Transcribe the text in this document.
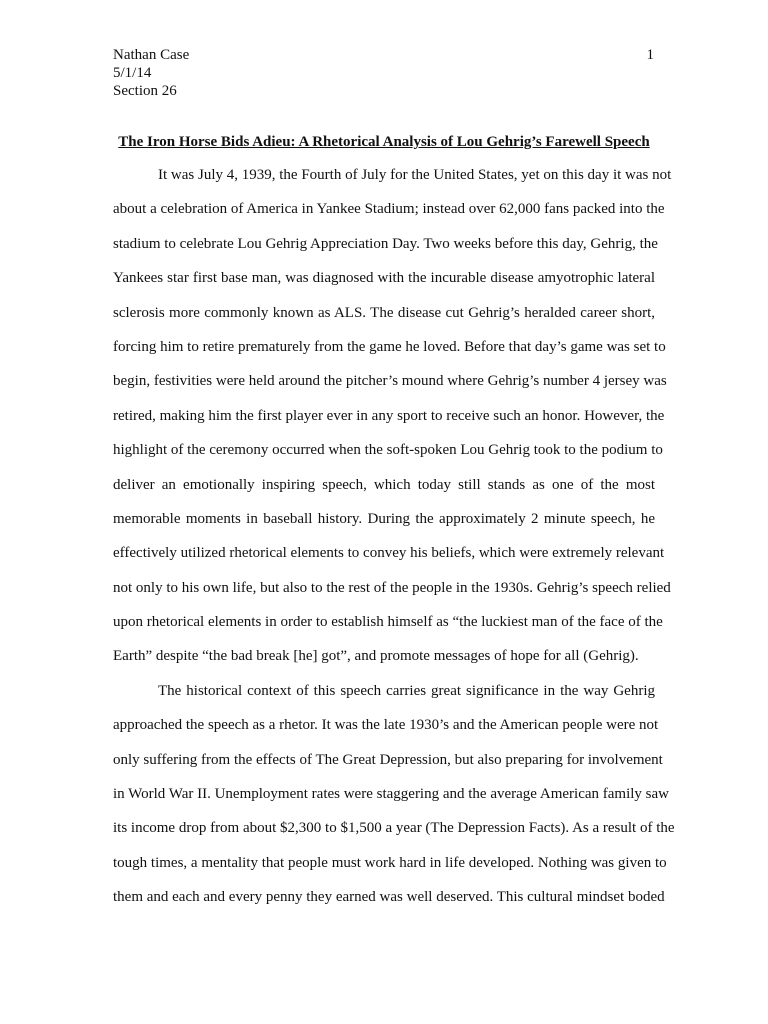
Nathan Case
5/1/14
Section 26
1
The Iron Horse Bids Adieu: A Rhetorical Analysis of Lou Gehrig’s Farewell Speech
It was July 4, 1939, the Fourth of July for the United States, yet on this day it was not
about a celebration of America in Yankee Stadium; instead over 62,000 fans packed into the
stadium to celebrate Lou Gehrig Appreciation Day. Two weeks before this day, Gehrig, the
Yankees star first base man, was diagnosed with the incurable disease amyotrophic lateral
sclerosis more commonly known as ALS. The disease cut Gehrig’s heralded career short,
forcing him to retire prematurely from the game he loved. Before that day’s game was set to
begin, festivities were held around the pitcher’s mound where Gehrig’s number 4 jersey was
retired, making him the first player ever in any sport to receive such an honor. However, the
highlight of the ceremony occurred when the soft-spoken Lou Gehrig took to the podium to
deliver an emotionally inspiring speech, which today still stands as one of the most
memorable moments in baseball history. During the approximately 2 minute speech, he
effectively utilized rhetorical elements to convey his beliefs, which were extremely relevant
not only to his own life, but also to the rest of the people in the 1930s. Gehrig’s speech relied
upon rhetorical elements in order to establish himself as “the luckiest man of the face of the
Earth” despite “the bad break [he] got”, and promote messages of hope for all (Gehrig).
The historical context of this speech carries great significance in the way Gehrig
approached the speech as a rhetor. It was the late 1930’s and the American people were not
only suffering from the effects of The Great Depression, but also preparing for involvement
in World War II. Unemployment rates were staggering and the average American family saw
its income drop from about $2,300 to $1,500 a year (The Depression Facts). As a result of the
tough times, a mentality that people must work hard in life developed. Nothing was given to
them and each and every penny they earned was well deserved. This cultural mindset boded
